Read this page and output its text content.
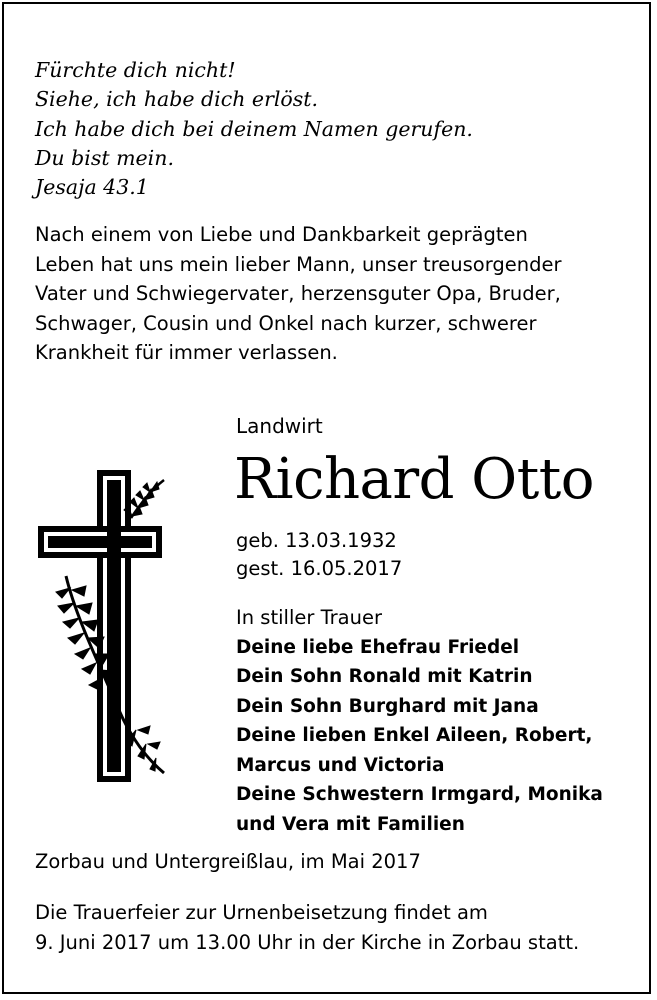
Fürchte dich nicht!
Siehe, ich habe dich erlöst.
Ich habe dich bei deinem Namen gerufen.
Du bist mein.
Jesaja 43.1
Nach einem von Liebe und Dankbarkeit geprägten
Leben hat uns mein lieber Mann, unser treusorgender
Vater und Schwiegervater, herzensguter Opa, Bruder,
Schwager, Cousin und Onkel nach kurzer, schwerer
Krankheit für immer verlassen.
Landwirt
Richard Otto
geb. 13.03.1932
gest. 16.05.2017
In stiller Trauer
Deine liebe Ehefrau Friedel
Dein Sohn Ronald mit Katrin
Dein Sohn Burghard mit Jana
Deine lieben Enkel Aileen, Robert,
Marcus und Victoria
Deine Schwestern Irmgard, Monika
und Vera mit Familien
Zorbau und Untergreißlau, im Mai 2017
Die Trauerfeier zur Urnenbeisetzung findet am
9. Juni 2017 um 13.00 Uhr in der Kirche in Zorbau statt.
